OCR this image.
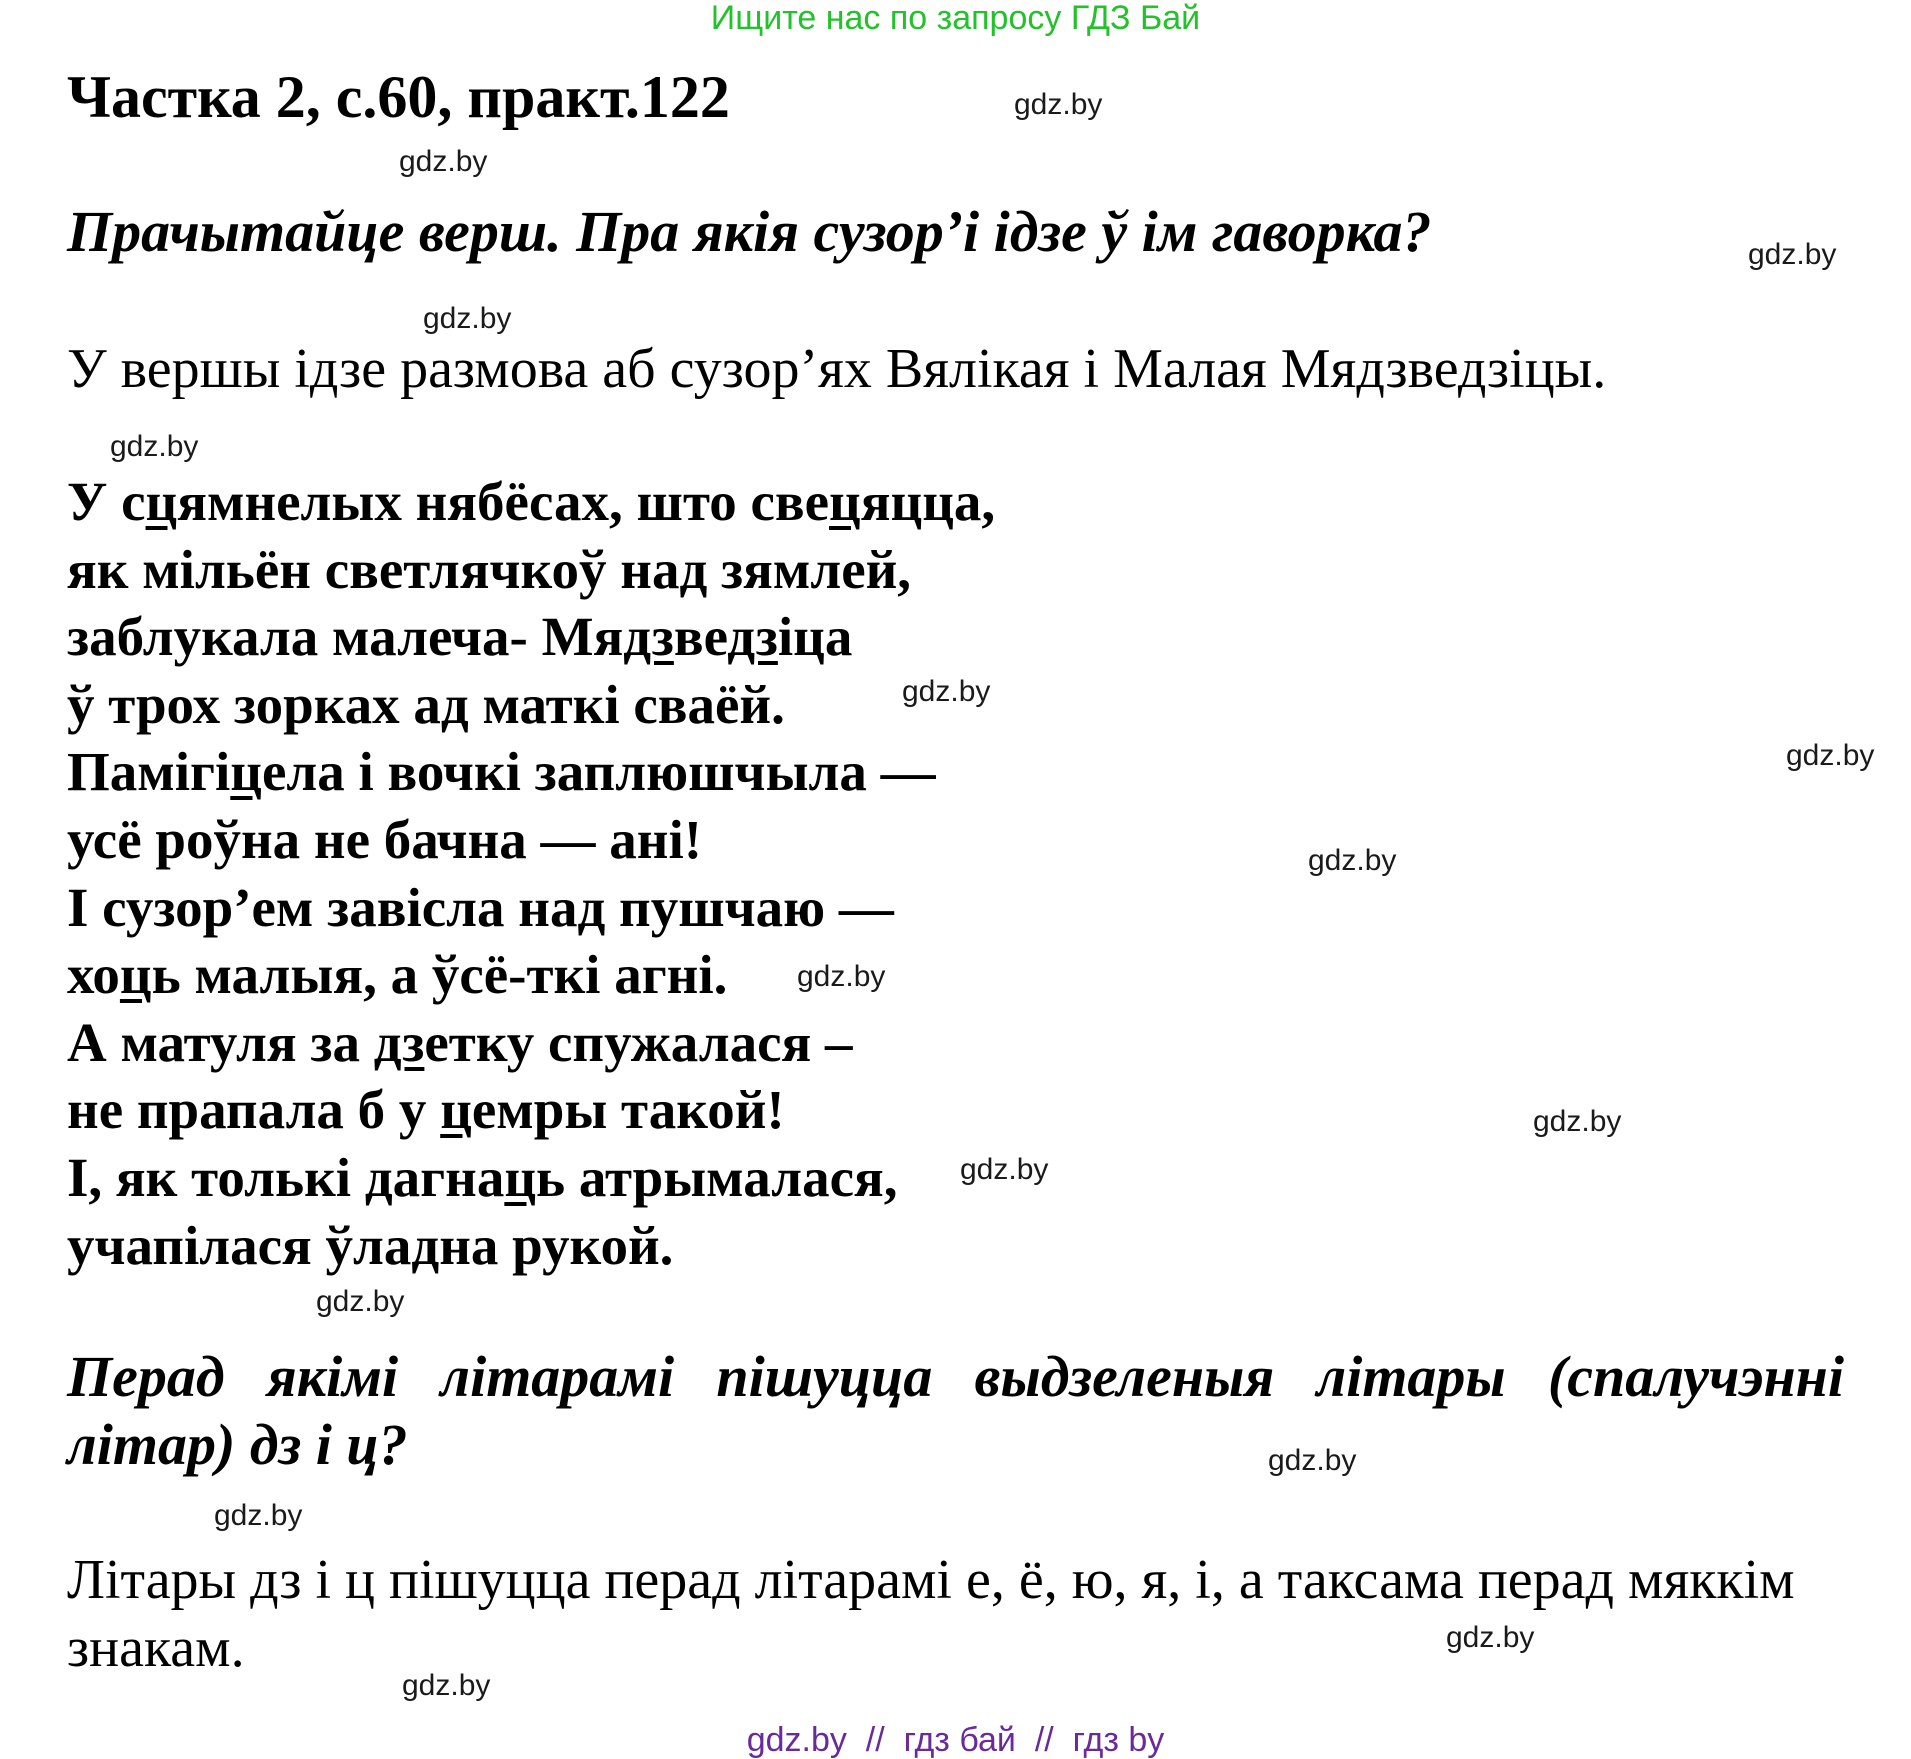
Ищите нас по запросу ГДЗ Бай
Частка 2, с.60, практ.122
Прачытайце верш. Пра якія сузор’і ідзе ў ім гаворка?
У вершы ідзе размова аб сузор’ях Вялікая і Малая Мядзведзіцы.
У сцямнелых нябёсах, што свецяцца,
як мільён светлячкоў над зямлей,
заблукала малеча- Мядзведзіца
ў трох зорках ад маткі сваёй.
Памігіцела і вочкі заплюшчыла —
усё роўна не бачна — ані!
І сузор’ем завісла над пушчаю —
хоць малыя, а ўсё-ткі агні.
А матуля за дзетку спужалася –
не прапала б у цемры такой!
І, як толькі дагнаць атрымалася,
учапілася ўладна рукой.
Перад якімі літарамі пішуцца выдзеленыя літары (спалучэнні літар) дз і ц?
Літары дз і ц пішуцца перад літарамі е, ё, ю, я, і, а таксама перад мяккім знакам.
gdz.by
gdz.by
gdz.by
gdz.by
gdz.by
gdz.by
gdz.by
gdz.by
gdz.by
gdz.by
gdz.by
gdz.by
gdz.by
gdz.by
gdz.by
gdz.by
gdz.by  //  гдз бай  //  гдз by
